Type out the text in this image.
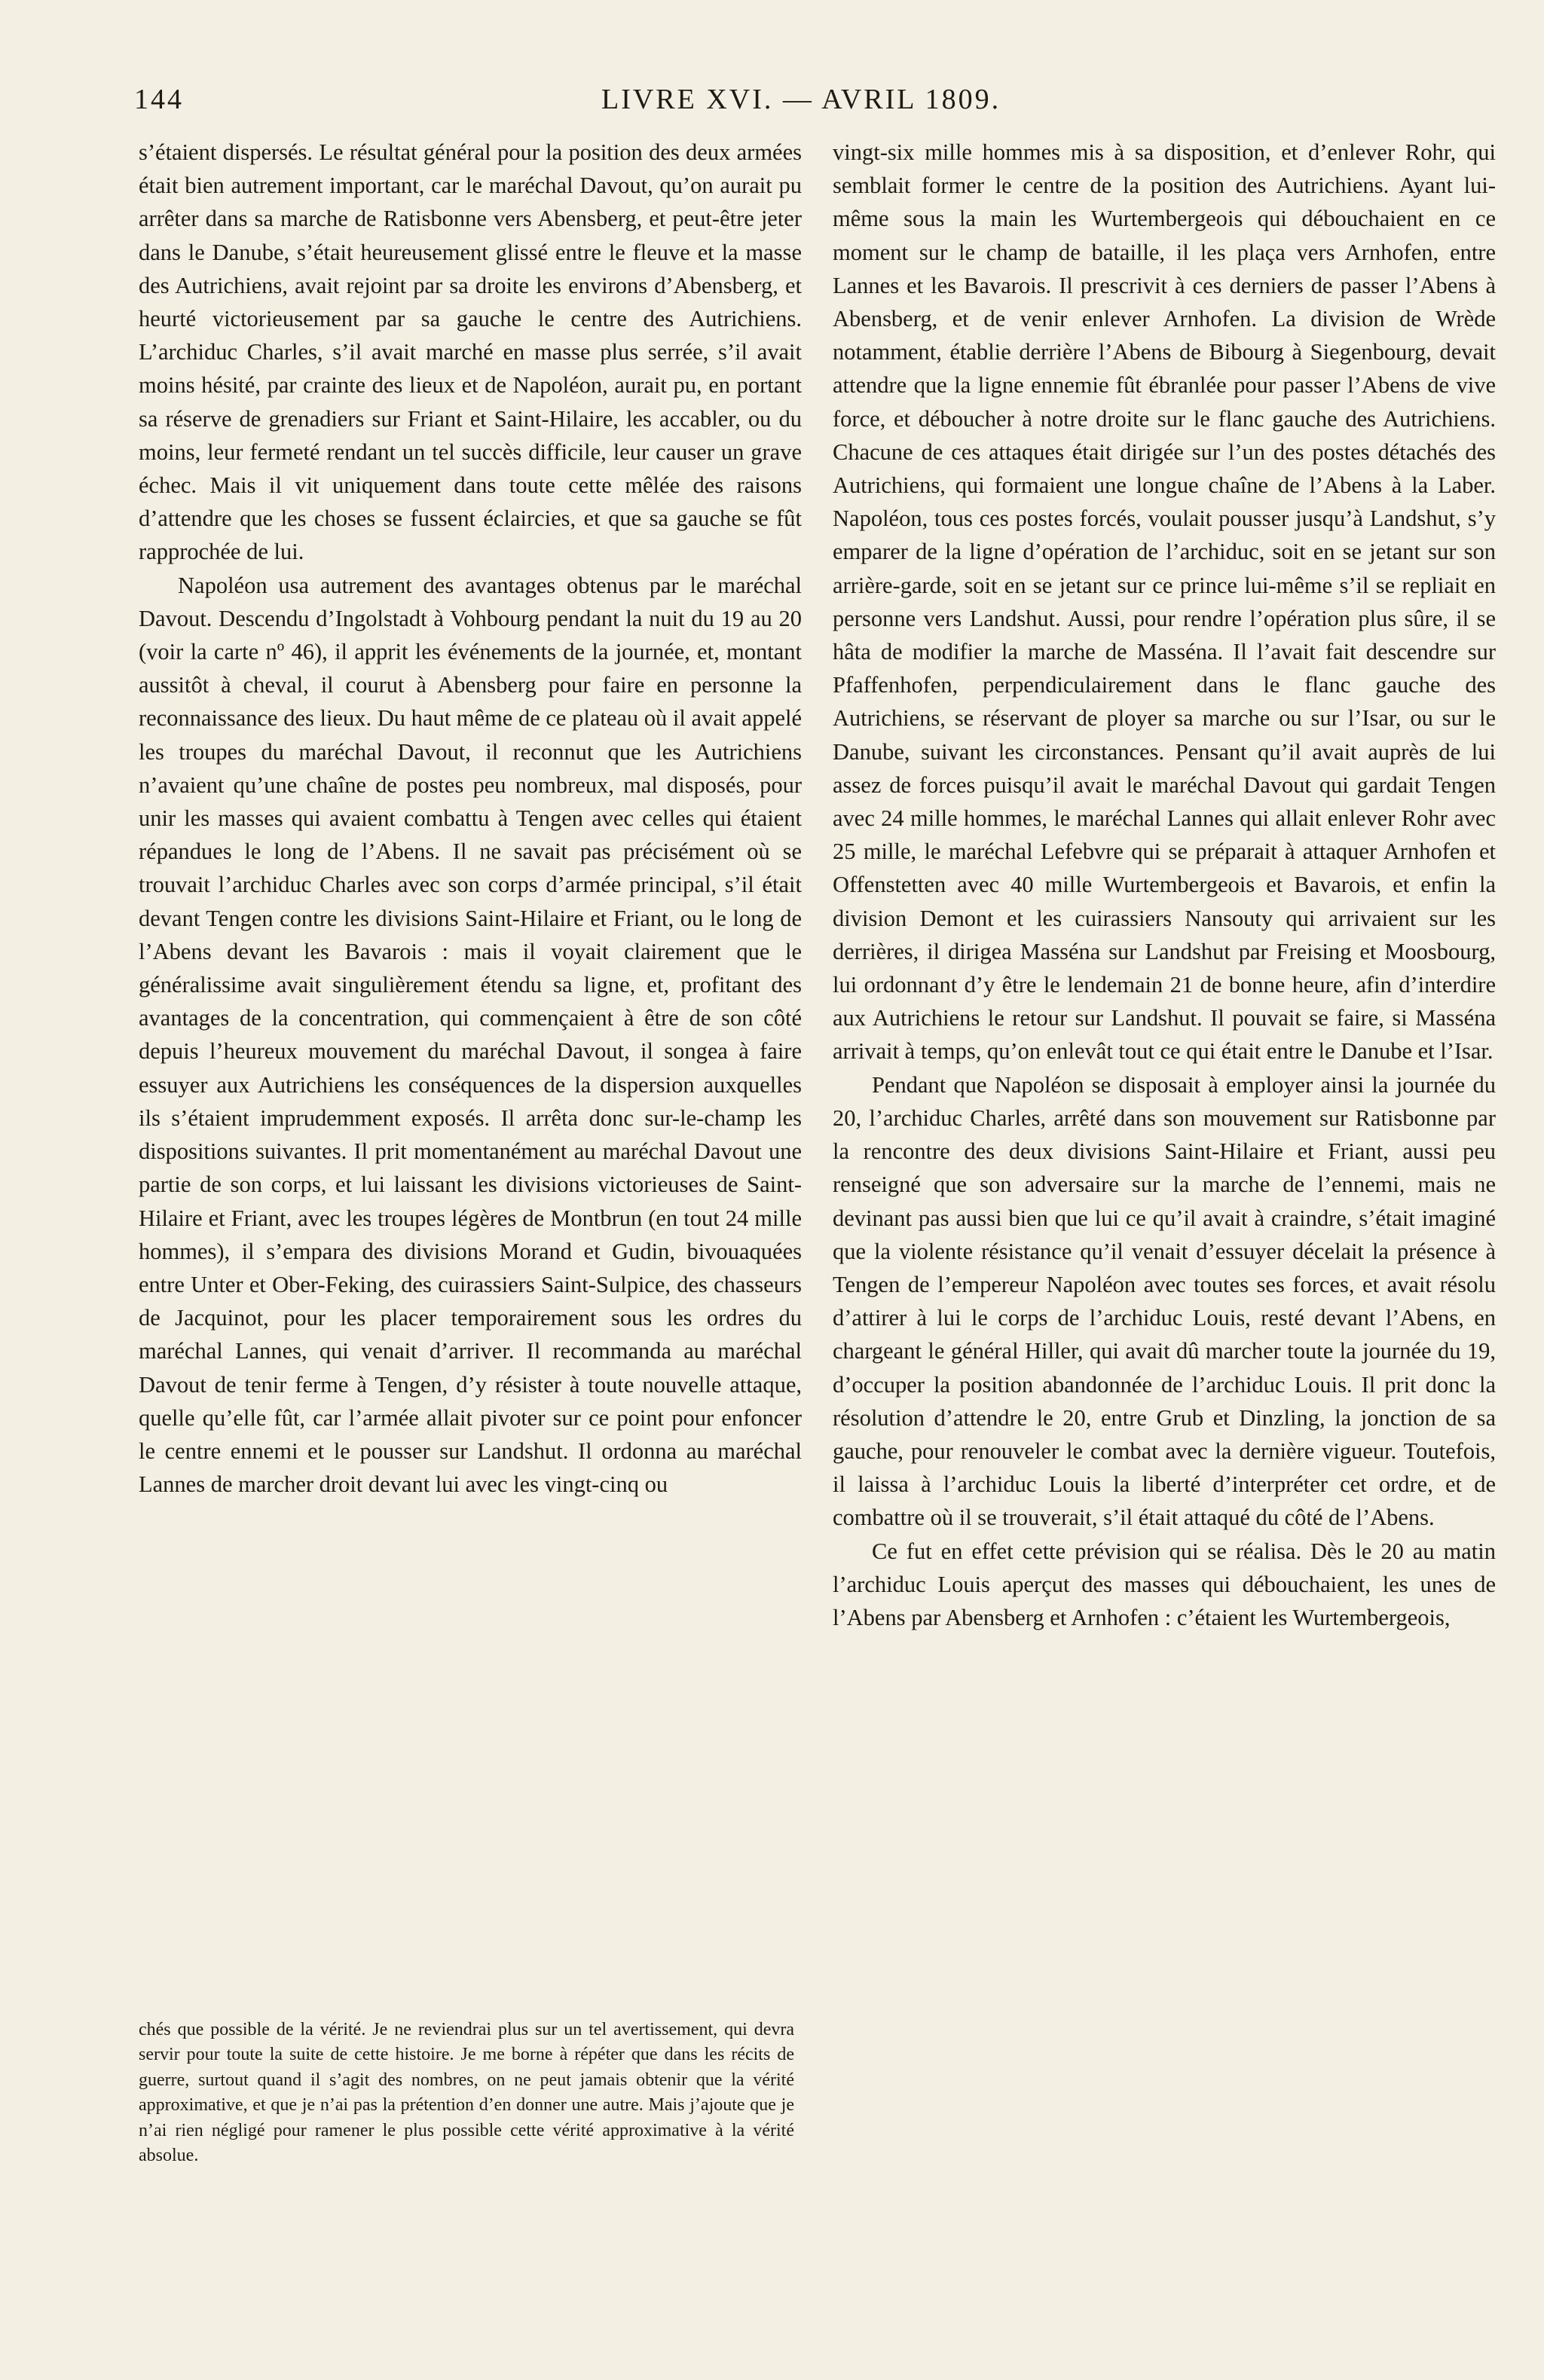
144	LIVRE XVI. — AVRIL 1809.

s’étaient dispersés. Le résultat général pour la position des deux armées était bien autrement important, car le maréchal Davout, qu’on aurait pu arrêter dans sa marche de Ratisbonne vers Abensberg, et peut-être jeter dans le Danube, s’était heureusement glissé entre le fleuve et la masse des Autrichiens, avait rejoint par sa droite les environs d’Abensberg, et heurté victorieusement par sa gauche le centre des Autrichiens. L’archiduc Charles, s’il avait marché en masse plus serrée, s’il avait moins hésité, par crainte des lieux et de Napoléon, aurait pu, en portant sa réserve de grenadiers sur Friant et Saint-Hilaire, les accabler, ou du moins, leur fermeté rendant un tel succès difficile, leur causer un grave échec. Mais il vit uniquement dans toute cette mêlée des raisons d’attendre que les choses se fussent éclaircies, et que sa gauche se fût rapprochée de lui.

Napoléon usa autrement des avantages obtenus par le maréchal Davout. Descendu d’Ingolstadt à Vohbourg pendant la nuit du 19 au 20 (voir la carte nº 46), il apprit les événements de la journée, et, montant aussitôt à cheval, il courut à Abensberg pour faire en personne la reconnaissance des lieux. Du haut même de ce plateau où il avait appelé les troupes du maréchal Davout, il reconnut que les Autrichiens n’avaient qu’une chaîne de postes peu nombreux, mal disposés, pour unir les masses qui avaient combattu à Tengen avec celles qui étaient répandues le long de l’Abens. Il ne savait pas précisément où se trouvait l’archiduc Charles avec son corps d’armée principal, s’il était devant Tengen contre les divisions Saint-Hilaire et Friant, ou le long de l’Abens devant les Bavarois : mais il voyait clairement que le généralissime avait singulièrement étendu sa ligne, et, profitant des avantages de la concentration, qui commençaient à être de son côté depuis l’heureux mouvement du maréchal Davout, il songea à faire essuyer aux Autrichiens les conséquences de la dispersion auxquelles ils s’étaient imprudemment exposés. Il arrêta donc sur-le-champ les dispositions suivantes. Il prit momentanément au maréchal Davout une partie de son corps, et lui laissant les divisions victorieuses de Saint-Hilaire et Friant, avec les troupes légères de Montbrun (en tout 24 mille hommes), il s’empara des divisions Morand et Gudin, bivouaquées entre Unter et Ober-Feking, des cuirassiers Saint-Sulpice, des chasseurs de Jacquinot, pour les placer temporairement sous les ordres du maréchal Lannes, qui venait d’arriver. Il recommanda au maréchal Davout de tenir ferme à Tengen, d’y résister à toute nouvelle attaque, quelle qu’elle fût, car l’armée allait pivoter sur ce point pour enfoncer le centre ennemi et le pousser sur Landshut. Il ordonna au maréchal Lannes de marcher droit devant lui avec les vingt-cinq ou

chés que possible de la vérité. Je ne reviendrai plus sur un tel avertissement, qui devra servir pour toute la suite de cette histoire. Je me borne à répéter que dans les récits de guerre, surtout quand il s’agit des nombres, on ne peut jamais obtenir que la vérité approximative, et que je n’ai pas la prétention d’en donner une autre. Mais j’ajoute que je n’ai rien négligé pour ramener le plus possible cette vérité approximative à la vérité absolue.

vingt-six mille hommes mis à sa disposition, et d’enlever Rohr, qui semblait former le centre de la position des Autrichiens. Ayant lui-même sous la main les Wurtembergeois qui débouchaient en ce moment sur le champ de bataille, il les plaça vers Arnhofen, entre Lannes et les Bavarois. Il prescrivit à ces derniers de passer l’Abens à Abensberg, et de venir enlever Arnhofen. La division de Wrède notamment, établie derrière l’Abens de Bibourg à Siegenbourg, devait attendre que la ligne ennemie fût ébranlée pour passer l’Abens de vive force, et déboucher à notre droite sur le flanc gauche des Autrichiens. Chacune de ces attaques était dirigée sur l’un des postes détachés des Autrichiens, qui formaient une longue chaîne de l’Abens à la Laber. Napoléon, tous ces postes forcés, voulait pousser jusqu’à Landshut, s’y emparer de la ligne d’opération de l’archiduc, soit en se jetant sur son arrière-garde, soit en se jetant sur ce prince lui-même s’il se repliait en personne vers Landshut. Aussi, pour rendre l’opération plus sûre, il se hâta de modifier la marche de Masséna. Il l’avait fait descendre sur Pfaffenhofen, perpendiculairement dans le flanc gauche des Autrichiens, se réservant de ployer sa marche ou sur l’Isar, ou sur le Danube, suivant les circonstances. Pensant qu’il avait auprès de lui assez de forces puisqu’il avait le maréchal Davout qui gardait Tengen avec 24 mille hommes, le maréchal Lannes qui allait enlever Rohr avec 25 mille, le maréchal Lefebvre qui se préparait à attaquer Arnhofen et Offenstetten avec 40 mille Wurtembergeois et Bavarois, et enfin la division Demont et les cuirassiers Nansouty qui arrivaient sur les derrières, il dirigea Masséna sur Landshut par Freising et Moosbourg, lui ordonnant d’y être le lendemain 21 de bonne heure, afin d’interdire aux Autrichiens le retour sur Landshut. Il pouvait se faire, si Masséna arrivait à temps, qu’on enlevât tout ce qui était entre le Danube et l’Isar.

Pendant que Napoléon se disposait à employer ainsi la journée du 20, l’archiduc Charles, arrêté dans son mouvement sur Ratisbonne par la rencontre des deux divisions Saint-Hilaire et Friant, aussi peu renseigné que son adversaire sur la marche de l’ennemi, mais ne devinant pas aussi bien que lui ce qu’il avait à craindre, s’était imaginé que la violente résistance qu’il venait d’essuyer décelait la présence à Tengen de l’empereur Napoléon avec toutes ses forces, et avait résolu d’attirer à lui le corps de l’archiduc Louis, resté devant l’Abens, en chargeant le général Hiller, qui avait dû marcher toute la journée du 19, d’occuper la position abandonnée de l’archiduc Louis. Il prit donc la résolution d’attendre le 20, entre Grub et Dinzling, la jonction de sa gauche, pour renouveler le combat avec la dernière vigueur. Toutefois, il laissa à l’archiduc Louis la liberté d’interpréter cet ordre, et de combattre où il se trouverait, s’il était attaqué du côté de l’Abens.

Ce fut en effet cette prévision qui se réalisa. Dès le 20 au matin l’archiduc Louis aperçut des masses qui débouchaient, les unes de l’Abens par Abensberg et Arnhofen : c’étaient les Wurtembergeois,
